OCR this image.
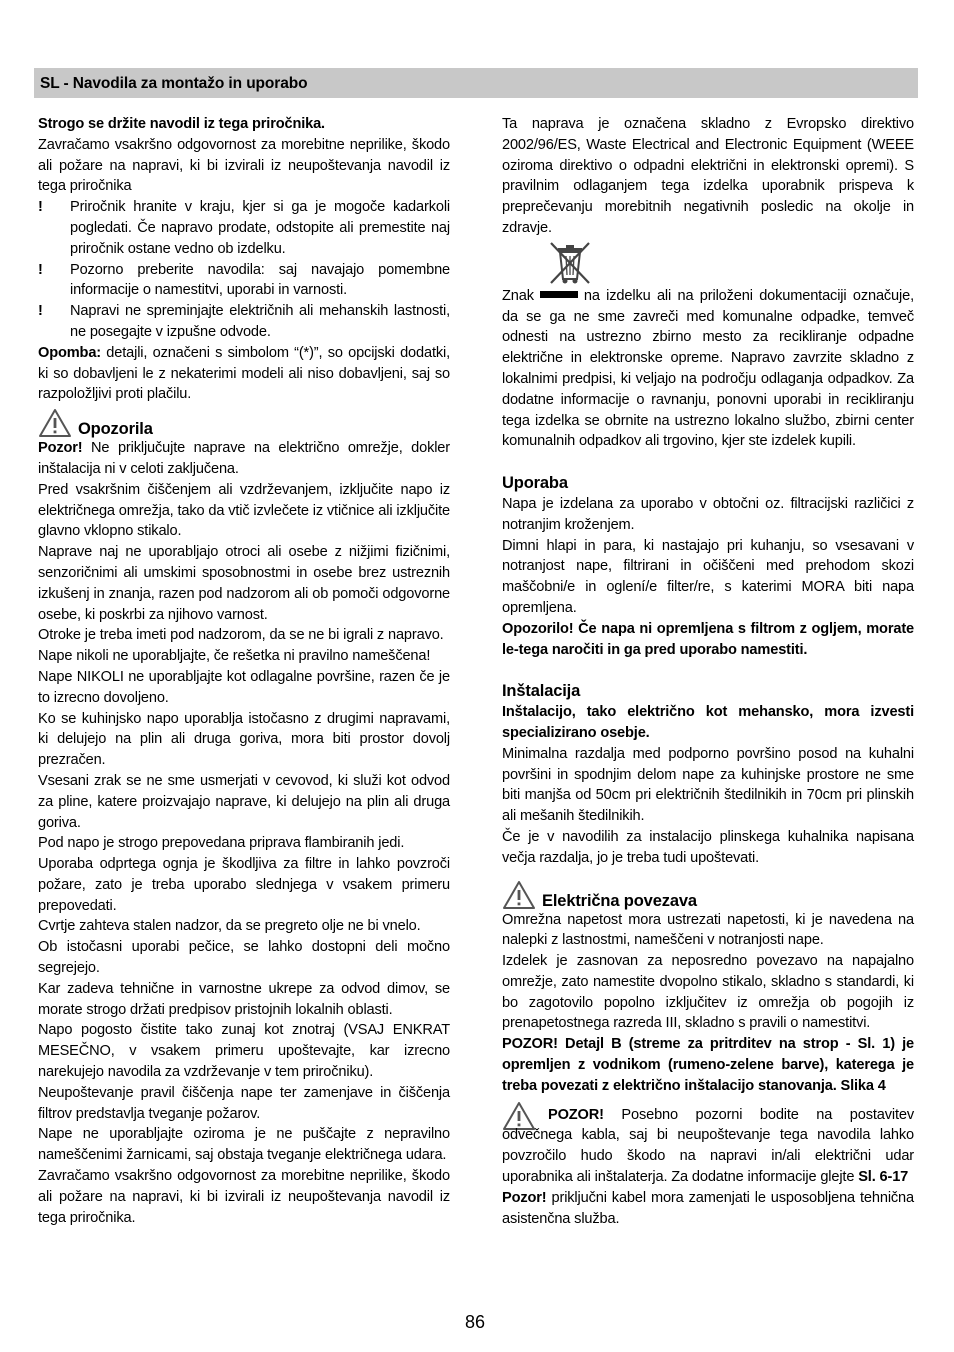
SL - Navodila za montažo in uporabo

Strogo se držite navodil iz tega priročnika.

Zavračamo vsakršno odgovornost za morebitne neprilike, škodo ali požare na napravi, ki bi izvirali iz neupoštevanja navodil iz tega priročnika

!	Priročnik hranite v kraju, kjer si ga je mogoče kadarkoli pogledati. Če napravo prodate, odstopite ali premestite naj priročnik ostane vedno ob izdelku.
!	Pozorno preberite navodila: saj navajajo pomembne informacije o namestitvi, uporabi in varnosti.
!	Napravi ne spreminjajte električnih ali mehanskih lastnosti, ne posegajte v izpušne odvode.

Opomba: detajli, označeni s simbolom “(*)”, so opcijski dodatki, ki so dobavljeni le z nekaterimi modeli ali niso dobavljeni, saj so razpoložljivi proti plačilu.

Opozorila

Pozor! Ne priključujte naprave na električno omrežje, dokler inštalacija ni v celoti zaključena.

Pred vsakršnim čiščenjem ali vzdrževanjem, izključite napo iz električnega omrežja, tako da vtič izvlečete iz vtičnice ali izključite glavno vklopno stikalo.

Naprave naj ne uporabljajo otroci ali osebe z nižjimi fizičnimi, senzoričnimi ali umskimi sposobnostmi in osebe brez ustreznih izkušenj in znanja, razen pod nadzorom ali ob pomoči odgovorne osebe, ki poskrbi za njihovo varnost.

Otroke je treba imeti pod nadzorom, da se ne bi igrali z napravo.

Nape nikoli ne uporabljajte, če rešetka ni pravilno nameščena!

Nape NIKOLI ne uporabljajte kot odlagalne površine, razen če je to izrecno dovoljeno.

Ko se kuhinjsko napo uporablja istočasno z drugimi napravami, ki delujejo na plin ali druga goriva, mora biti prostor dovolj prezračen.

Vsesani zrak se ne sme usmerjati v cevovod, ki služi kot odvod za pline, katere proizvajajo naprave, ki delujejo na plin ali druga goriva.

Pod napo je strogo prepovedana priprava flambiranih jedi.

Uporaba odprtega ognja je škodljiva za filtre in lahko povzroči požare, zato je treba uporabo slednjega v vsakem primeru prepovedati.

Cvrtje zahteva stalen nadzor, da se pregreto olje ne bi vnelo.

Ob istočasni uporabi pečice, se lahko dostopni deli močno segrejejo.

Kar zadeva tehnične in varnostne ukrepe za odvod dimov, se morate strogo držati predpisov pristojnih lokalnih oblasti.

Napo pogosto čistite tako zunaj kot znotraj (VSAJ ENKRAT MESEČNO, v vsakem primeru upoštevajte, kar izrecno narekujejo navodila za vzdrževanje v tem priročniku).

Neupoštevanje pravil čiščenja nape ter zamenjave in čiščenja filtrov predstavlja tveganje požarov.

Nape ne uporabljajte oziroma je ne puščajte z nepravilno nameščenimi žarnicami, saj obstaja tveganje električnega udara.

Zavračamo vsakršno odgovornost za morebitne neprilike, škodo ali požare na napravi, ki bi izvirali iz neupoštevanja navodil iz tega priročnika.

Ta naprava je označena skladno z Evropsko direktivo 2002/96/ES, Waste Electrical and Electronic Equipment (WEEE oziroma direktivo o odpadni električni in elektronski opremi). S pravilnim odlaganjem tega izdelka uporabnik prispeva k preprečevanju morebitnih negativnih posledic na okolje in zdravje.

Znak	na izdelku ali na priloženi dokumentaciji označuje, da se ga ne sme zavreči med komunalne odpadke, temveč odnesti na ustrezno zbirno mesto za recikliranje odpadne električne in elektronske opreme. Napravo zavrzite skladno z lokalnimi predpisi, ki veljajo na področju odlaganja odpadkov. Za dodatne informacije o ravnanju, ponovni uporabi in recikliranju tega izdelka se obrnite na ustrezno lokalno službo, zbirni center komunalnih odpadkov ali trgovino, kjer ste izdelek kupili.

Uporaba

Napa je izdelana za uporabo v obtočni oz. filtracijski različici z notranjim kroženjem.

Dimni hlapi in para, ki nastajajo pri kuhanju, so vsesavani v notranjost nape, filtrirani in očiščeni med prehodom skozi maščobni/e in oglení/e filter/re, s katerimi MORA biti napa opremljena.

Opozorilo! Če napa ni opremljena s filtrom z ogljem, morate le-tega naročiti in ga pred uporabo namestiti.

Inštalacija

Inštalacijo, tako električno kot mehansko, mora izvesti specializirano osebje.

Minimalna razdalja med podporno površino posod na kuhalni površini in spodnjim delom nape za kuhinjske prostore ne sme biti manjša od 50cm pri električnih štedilnikih in 70cm pri plinskih ali mešanih štedilnikih.

Če je v navodilih za instalacijo plinskega kuhalnika napisana večja razdalja, jo je treba tudi upoštevati.

Električna povezava

Omrežna napetost mora ustrezati napetosti, ki je navedena na nalepki z lastnostmi, nameščeni v notranjosti nape.

Izdelek je zasnovan za neposredno povezavo na napajalno omrežje, zato namestite dvopolno stikalo, skladno s standardi, ki bo zagotovilo popolno izključitev iz omrežja ob pogojih iz prenapetostnega razreda III, skladno s pravili o namestitvi.

POZOR! Detajl B (streme za pritrditev na strop - Sl. 1) je opremljen z vodnikom (rumeno-zelene barve), katerega je treba povezati z električno inštalacijo stanovanja. Slika 4

POZOR! Posebno pozorni bodite na postavitev odvečnega kabla, saj bi neupoštevanje tega navodila lahko povzročilo hudo škodo na napravi in/ali električni udar uporabnika ali inštalaterja. Za dodatne informacije glejte Sl. 6-17

Pozor! priključni kabel mora zamenjati le usposobljena tehnična asistenčna služba.

86
